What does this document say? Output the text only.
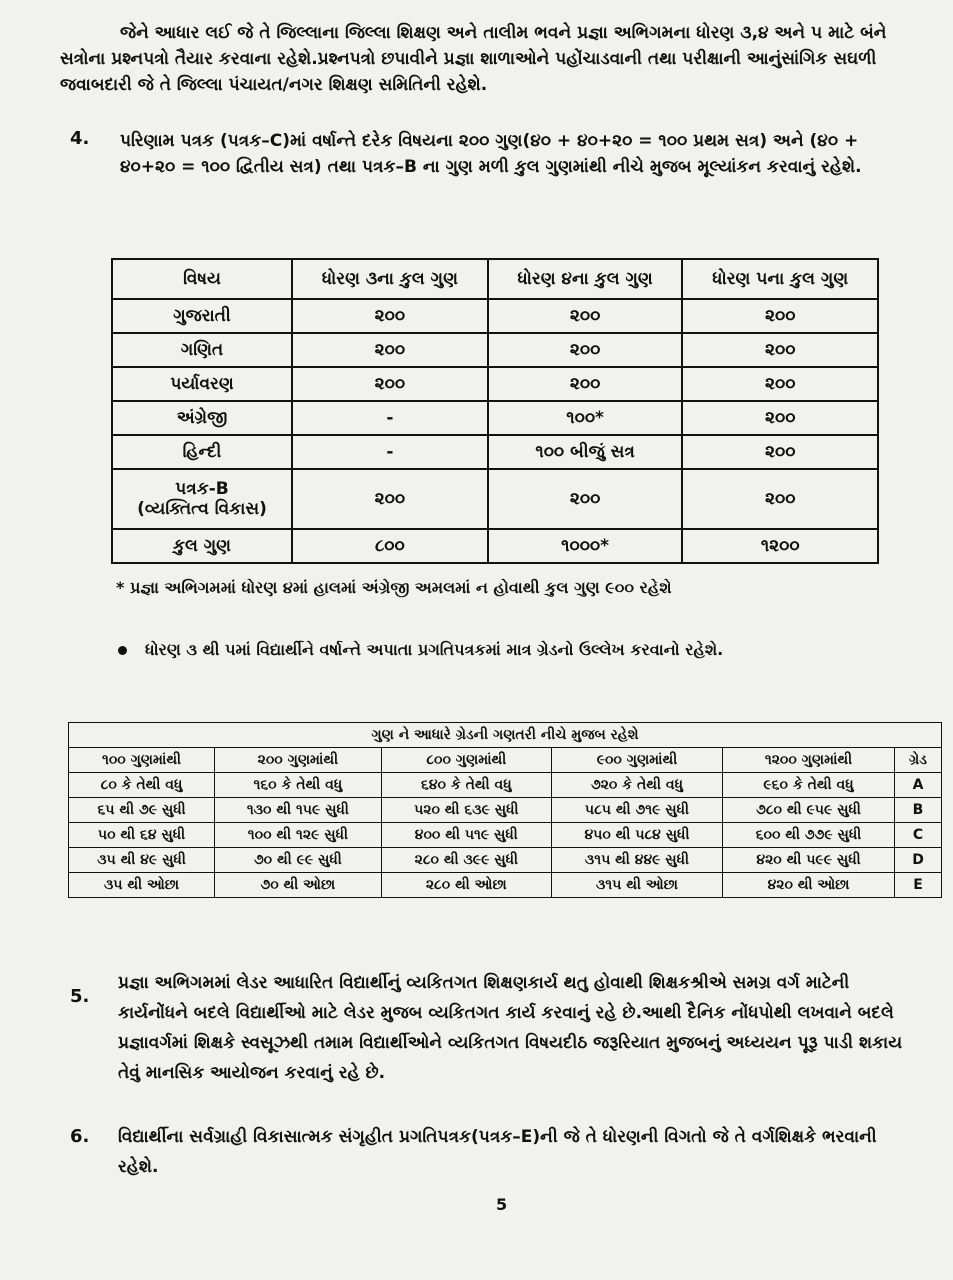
જેને આધાર લઈ જે તે જિલ્લાના જિલ્લા શિક્ષણ અને તાલીમ ભવને પ્રજ્ઞા અભિગમના ધોરણ ૩,૪ અને ૫ માટે બંને સત્રોના પ્રશ્નપત્રો તૈયાર કરવાના રહેશે.પ્રશ્નપત્રો છપાવીને પ્રજ્ઞા શાળાઓને પહોંચાડવાની તથા પરીક્ષાની આનુંસાંગિક સઘળી જવાબદારી જે તે જિલ્લા પંચાયત/નગર શિક્ષણ સમિતિની રહેશે.
4. પરિણામ પત્રક (પત્રક–C)માં વર્ષાન્તે દરેક વિષયના ૨૦૦ ગુણ(૪૦ + ૪૦+૨૦ = ૧૦૦ પ્રથમ સત્ર) અને (૪૦ + ૪૦+૨૦ = ૧૦૦ દ્વિતીય સત્ર) તથા પત્રક–B ના ગુણ મળી કુલ ગુણમાંથી નીચે મુજબ મૂલ્યાંકન કરવાનું રહેશે.
વિષય	ધોરણ ૩ના કુલ ગુણ	ધોરણ ૪ના કુલ ગુણ	ધોરણ ૫ના કુલ ગુણ
ગુજરાતી	૨૦૦	૨૦૦	૨૦૦
ગણિત	૨૦૦	૨૦૦	૨૦૦
પર્યાવરણ	૨૦૦	૨૦૦	૨૦૦
અંગ્રેજી	-	૧૦૦*	૨૦૦
હિન્દી	-	૧૦૦ બીજું સત્ર	૨૦૦

પત્રક-B
(વ્યક્તિત્વ વિકાસ)	૨૦૦	૨૦૦	૨૦૦
કુલ ગુણ	૮૦૦	૧૦૦૦*	૧૨૦૦
* પ્રજ્ઞા અભિગમમાં ધોરણ ૪માં હાલમાં અંગ્રેજી અમલમાં ન હોવાથી કુલ ગુણ ૯૦૦ રહેશે
ધોરણ ૩ થી ૫માં વિદ્યાર્થીને વર્ષાન્તે અપાતા પ્રગતિપત્રકમાં માત્ર ગ્રેડનો ઉલ્લેખ કરવાનો રહેશે.
ગુણ ને આધારે ગ્રેડની ગણતરી નીચે મુજબ રહેશે					
૧૦૦ ગુણમાંથી	૨૦૦ ગુણમાંથી	૮૦૦ ગુણમાંથી	૯૦૦ ગુણમાંથી	૧૨૦૦ ગુણમાંથી	ગ્રેડ
૮૦ કે તેથી વધુ	૧૬૦ કે તેથી વધુ	૬૪૦ કે તેથી વધુ	૭૨૦ કે તેથી વધુ	૯૬૦ કે તેથી વધુ	A
૬૫ થી ૭૯ સુધી	૧૩૦ થી ૧૫૯ સુધી	૫૨૦ થી ૬૩૯ સુધી	૫૮૫ થી ૭૧૯ સુધી	૭૮૦ થી ૯૫૯ સુધી	B
૫૦ થી ૬૪ સુધી	૧૦૦ થી ૧૨૯ સુધી	૪૦૦ થી ૫૧૯ સુધી	૪૫૦ થી ૫૮૪ સુધી	૬૦૦ થી ૭૭૯ સુધી	C
૩૫ થી ૪૯ સુધી	૭૦ થી ૯૯ સુધી	૨૮૦ થી ૩૯૯ સુધી	૩૧૫ થી ૪૪૯ સુધી	૪૨૦ થી ૫૯૯ સુધી	D
૩૫ થી ઓછા	૭૦ થી ઓછા	૨૮૦ થી ઓછા	૩૧૫ થી ઓછા	૪૨૦ થી ઓછા	E
5.
પ્રજ્ઞા અભિગમમાં લેડર આધારિત વિદ્યાર્થીનું વ્યકિતગત શિક્ષણકાર્ય થતુ હોવાથી શિક્ષકશ્રીએ સમગ્ર વર્ગ માટેની કાર્યનોંધને બદલે વિદ્યાર્થીઓ માટે લેડર મુજબ વ્યકિતગત કાર્ય કરવાનું રહે છે.આથી દૈનિક નોંધપોથી લખવાને બદલે પ્રજ્ઞાવર્ગમાં શિક્ષકે સ્વસૂઝથી તમામ વિદ્યાર્થીઓને વ્યકિતગત વિષયદીઠ જરૂરિયાત મુજબનું અધ્યયન પૂરૂ પાડી શકાય તેવું માનસિક આયોજન કરવાનું રહે છે.
6. વિદ્યાર્થીના સર્વગ્રાહી વિકાસાત્મક સંગૃહીત પ્રગતિપત્રક(પત્રક–E)ની જે તે ધોરણની વિગતો જે તે વર્ગશિક્ષકે ભરવાની રહેશે.
5
